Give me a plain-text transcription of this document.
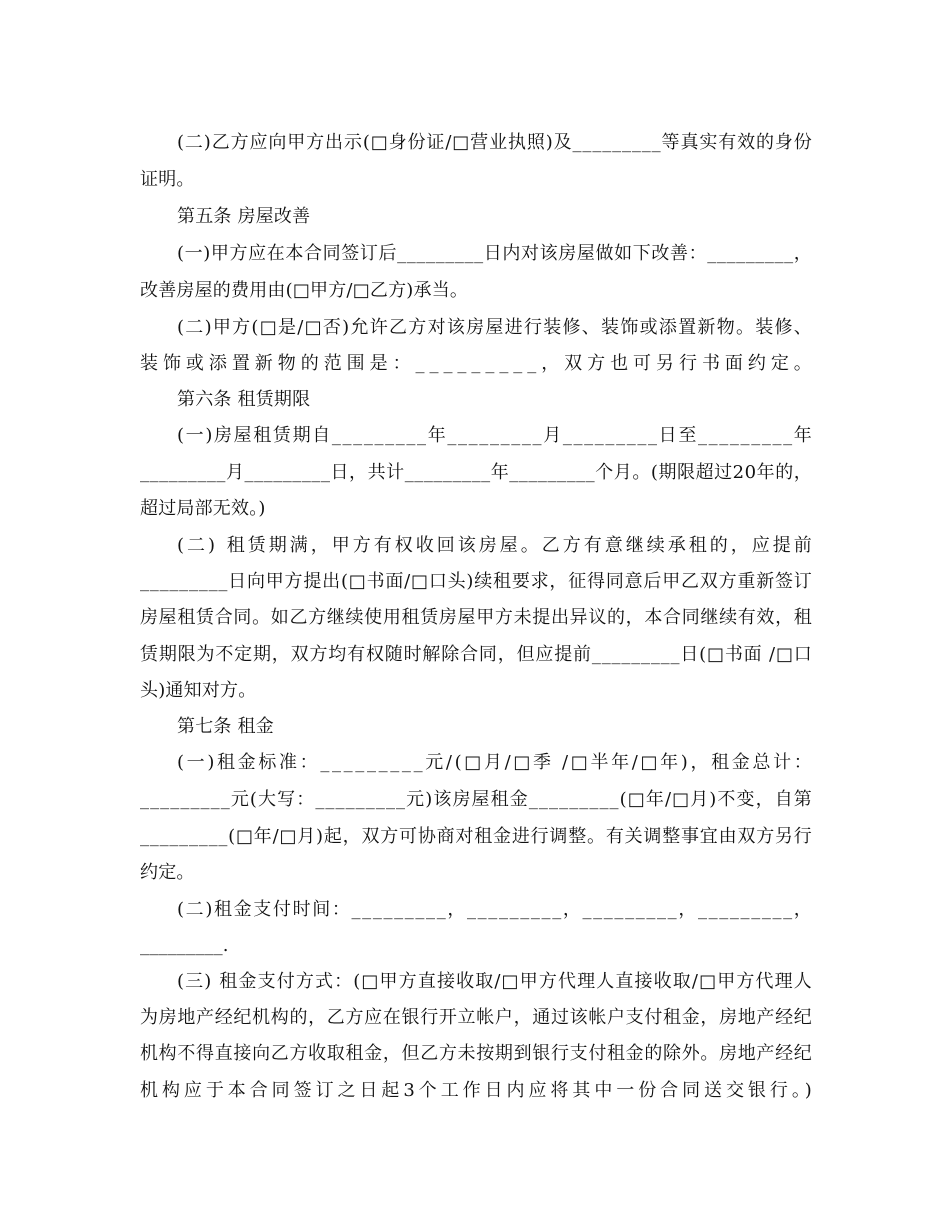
(二)乙方应向甲方出示(□身份证/□营业执照)及_________等真实有效的身份
证明。
第五条 房屋改善
(一)甲方应在本合同签订后_________日内对该房屋做如下改善：_________，
改善房屋的费用由(□甲方/□乙方)承当。
(二)甲方(□是/□否)允许乙方对该房屋进行装修、装饰或添置新物。装修、
装饰或添置新物的范围是：_________，双方也可另行书面约定。
第六条 租赁期限
(一)房屋租赁期自_________年_________月_________日至_________年
_________月_________日，共计_________年_________个月。(期限超过20年的，
超过局部无效。)
(二) 租赁期满，甲方有权收回该房屋。乙方有意继续承租的，应提前
_________日向甲方提出(□书面/□口头)续租要求，征得同意后甲乙双方重新签订
房屋租赁合同。如乙方继续使用租赁房屋甲方未提出异议的，本合同继续有效，租
赁期限为不定期，双方均有权随时解除合同，但应提前_________日(□书面 /□口
头)通知对方。
第七条 租金
(一)租金标准：_________元/(□月/□季 /□半年/□年)，租金总计：
_________元(大写：_________元)该房屋租金_________(□年/□月)不变，自第
_________(□年/□月)起，双方可协商对租金进行调整。有关调整事宜由双方另行
约定。
(二)租金支付时间：_________，_________，_________，_________，
_________.
(三) 租金支付方式：(□甲方直接收取/□甲方代理人直接收取/□甲方代理人
为房地产经纪机构的，乙方应在银行开立帐户，通过该帐户支付租金，房地产经纪
机构不得直接向乙方收取租金，但乙方未按期到银行支付租金的除外。房地产经纪
机构应于本合同签订之日起3个工作日内应将其中一份合同送交银行。)
